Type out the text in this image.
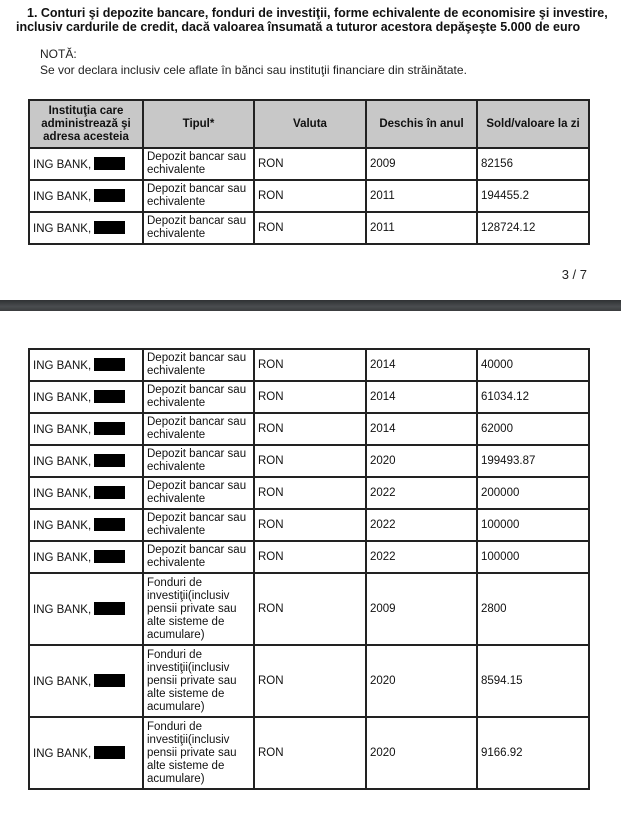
1. Conturi şi depozite bancare, fonduri de investiţii, forme echivalente de economisire şi investire,
inclusiv cardurile de credit, dacă valoarea însumată a tuturor acestora depăşeşte 5.000 de euro
NOTĂ:
Se vor declara inclusiv cele aflate în bănci sau instituţii financiare din străinătate.
Instituţia care administrează şi adresa acesteia	Tipul*	Valuta	Deschis în anul	Sold/valoare la zi
ING BANK,	Depozit bancar sau echivalente	RON	2009	82156
ING BANK,	Depozit bancar sau echivalente	RON	2011	194455.2
ING BANK,	Depozit bancar sau echivalente	RON	2011	128724.12
3 / 7
ING BANK,	Depozit bancar sau echivalente	RON	2014	40000
ING BANK,	Depozit bancar sau echivalente	RON	2014	61034.12
ING BANK,	Depozit bancar sau echivalente	RON	2014	62000
ING BANK,	Depozit bancar sau echivalente	RON	2020	199493.87
ING BANK,	Depozit bancar sau echivalente	RON	2022	200000
ING BANK,	Depozit bancar sau echivalente	RON	2022	100000
ING BANK,	Depozit bancar sau echivalente	RON	2022	100000
ING BANK,	Fonduri de investiţii(inclusiv pensii private sau alte sisteme de acumulare)	RON	2009	2800
ING BANK,	Fonduri de investiţii(inclusiv pensii private sau alte sisteme de acumulare)	RON	2020	8594.15
ING BANK,	Fonduri de investiţii(inclusiv pensii private sau alte sisteme de acumulare)	RON	2020	9166.92
